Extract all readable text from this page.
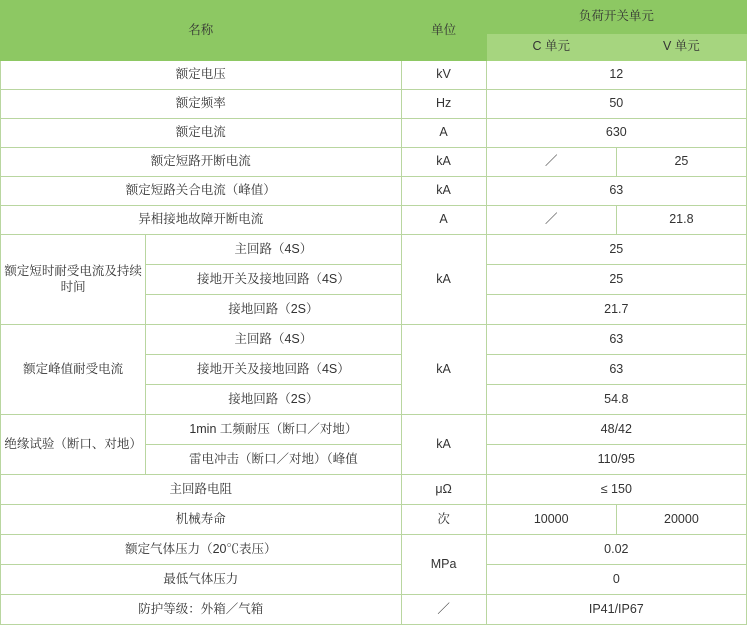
名称		单位	负荷开关单元	
			C 单元	V 单元
额定电压		kV	12	
额定频率		Hz	50	
额定电流		A	630	
额定短路开断电流		kA	／	25
额定短路关合电流（峰值）		kA	63	
异相接地故障开断电流		A	／	21.8
额定短时耐受电流及持续时间	主回路（4S）	kA	25	
	接地开关及接地回路（4S）		25	
	接地回路（2S）		21.7	
额定峰值耐受电流	主回路（4S）	kA	63	
	接地开关及接地回路（4S）		63	
	接地回路（2S）		54.8	
绝缘试验（断口、对地）	1min 工频耐压（断口／对地）	kA	48/42	
	雷电冲击（断口／对地）（峰值		110/95	
主回路电阻		μΩ	≤ 150	
机械寿命		次	10000	20000
额定气体压力（20℃表压）		MPa	0.02	
最低气体压力			0	
防护等级：外箱／气箱		／	IP41/IP67	
